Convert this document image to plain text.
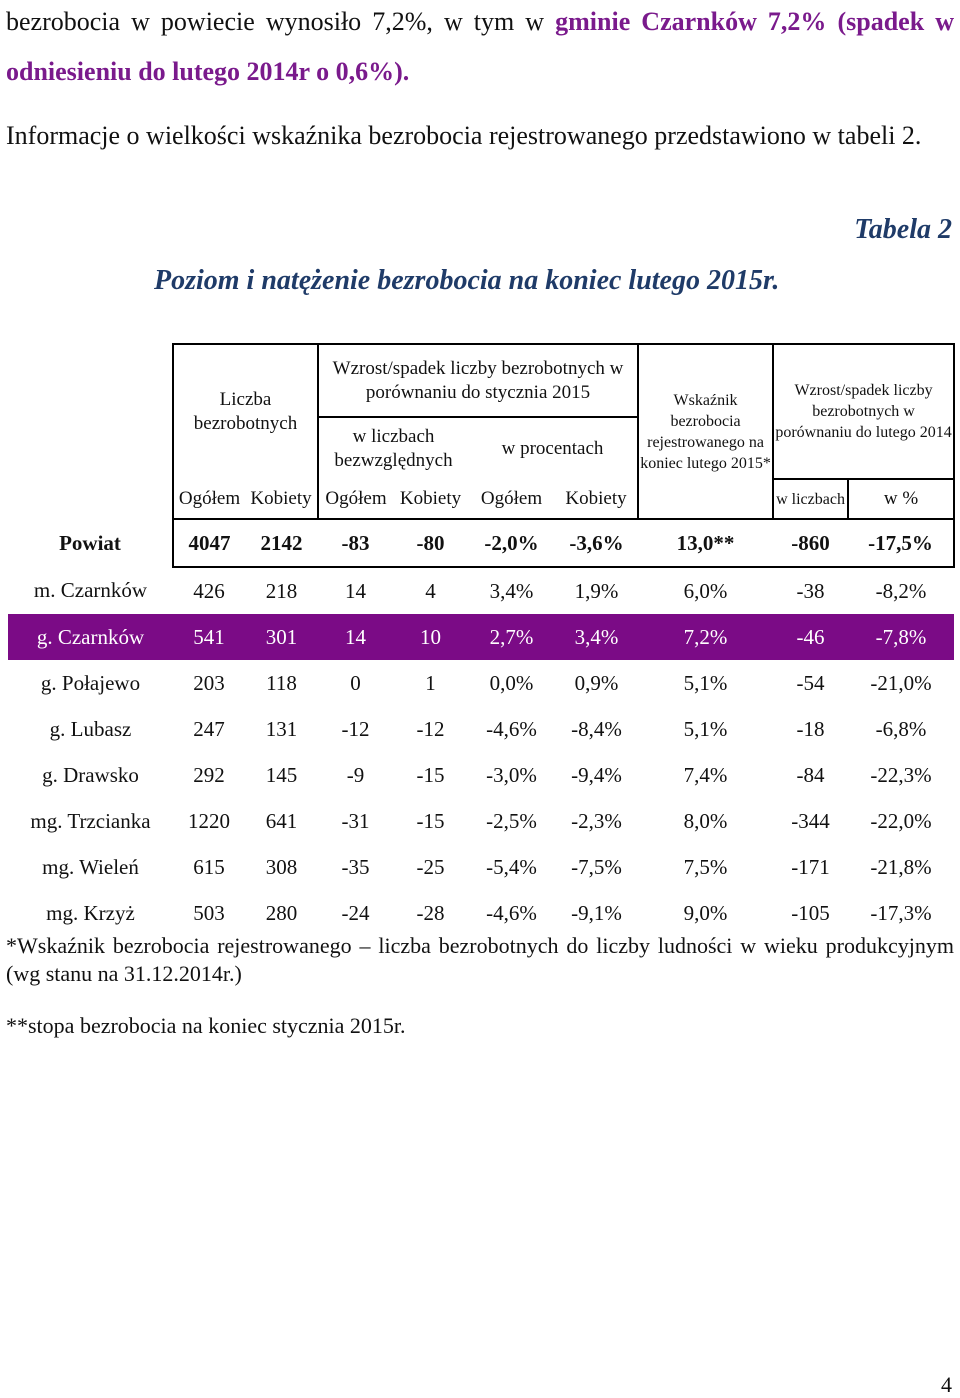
bezrobocia w powiecie wynosiło 7,2%, w tym w gminie Czarnków 7,2% (spadek w odniesieniu do lutego 2014r o 0,6%).

Informacje o wielkości wskaźnika bezrobocia rejestrowanego przedstawiono w tabeli 2.

Tabela 2
Poziom i natężenie bezrobocia na koniec lutego 2015r.
	Liczba bezrobotnych		Wzrost/spadek liczby bezrobotnych w porównaniu do stycznia 2015				Wskaźnik bezrobocia rejestrowanego na koniec lutego 2015*	Wzrost/spadek liczby bezrobotnych w porównaniu do lutego 2014	
			w liczbach bezwzględnych		w procentach				
	Ogółem	Kobiety	Ogółem	Kobiety	Ogółem	Kobiety		w liczbach	w %
Powiat	4047	2142	-83	-80	-2,0%	-3,6%	13,0**	-860	-17,5%
m. Czarnków	426	218	14	4	3,4%	1,9%	6,0%	-38	-8,2%
g. Czarnków	541	301	14	10	2,7%	3,4%	7,2%	-46	-7,8%
g. Połajewo	203	118	0	1	0,0%	0,9%	5,1%	-54	-21,0%
g. Lubasz	247	131	-12	-12	-4,6%	-8,4%	5,1%	-18	-6,8%
g. Drawsko	292	145	-9	-15	-3,0%	-9,4%	7,4%	-84	-22,3%
mg. Trzcianka	1220	641	-31	-15	-2,5%	-2,3%	8,0%	-344	-22,0%
mg. Wieleń	615	308	-35	-25	-5,4%	-7,5%	7,5%	-171	-21,8%
mg. Krzyż	503	280	-24	-28	-4,6%	-9,1%	9,0%	-105	-17,3%

*Wskaźnik bezrobocia rejestrowanego – liczba bezrobotnych do liczby ludności w wieku produkcyjnym (wg stanu na 31.12.2014r.)

**stopa bezrobocia na koniec stycznia 2015r.

4
